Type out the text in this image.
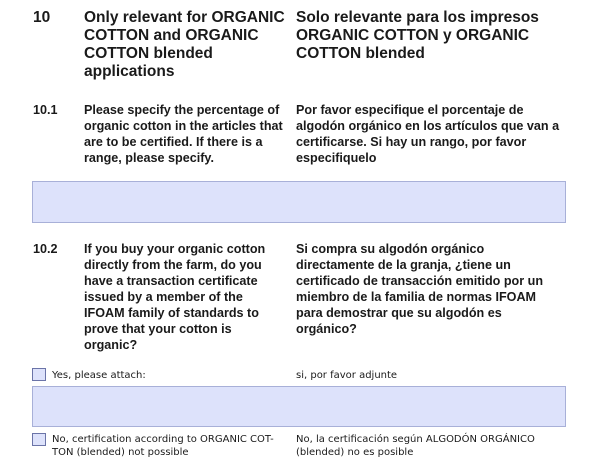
10 Only relevant for ORGANIC
COTTON and ORGANIC
COTTON blended
applications
Solo relevante para los impresos
ORGANIC COTTON y ORGANIC
COTTON blended
10.1 Please specify the percentage of
organic cotton in the articles that
are to be certified. If there is a
range, please specify.
Por favor especifique el porcentaje de
algodón orgánico en los artículos que van a
certificarse. Si hay un rango, por favor
especifiquelo
10.2 If you buy your organic cotton
directly from the farm, do you
have a transaction certificate
issued by a member of the
IFOAM family of standards to
prove that your cotton is
organic?
Si compra su algodón orgánico
directamente de la granja, ¿tiene un
certificado de transacción emitido por un
miembro de la familia de normas IFOAM
para demostrar que su algodón es
orgánico?
Yes, please attach:	si, por favor adjunte
No, certification according to ORGANIC COT-
TON (blended) not possible
No, la certificación según ALGODÓN ORGÁNICO
(blended) no es posible
